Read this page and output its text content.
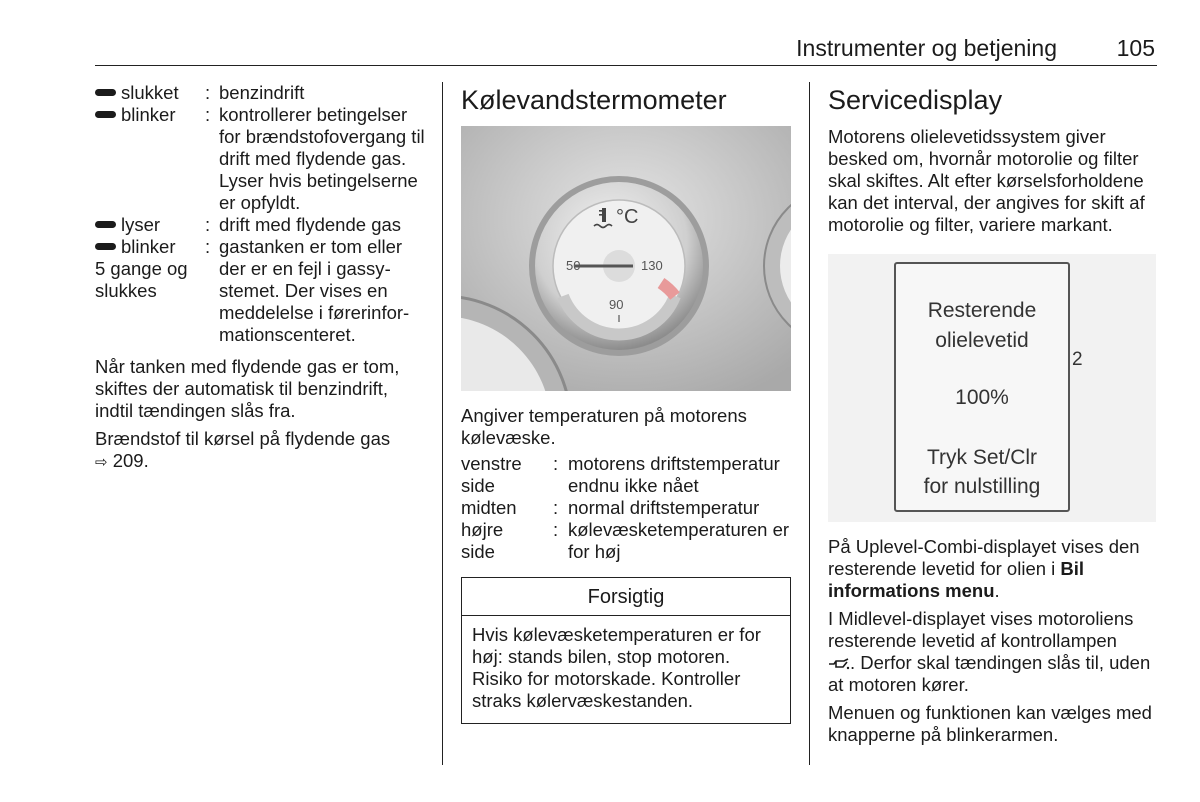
Instrumenter og betjening	105
slukket : benzindrift
blinker : kontrollerer betingelser for brændstofovergang til drift med flydende gas. Lyser hvis betingelserne er opfyldt.
lyser : drift med flydende gas
blinker
5 gange og slukkes
: gastanken er tom eller der er en fejl i gassystemet. Der vises en meddelelse i førerinformationscenteret.

Når tanken med flydende gas er tom, skiftes der automatisk til benzindrift, indtil tændingen slås fra.

Brændstof til kørsel på flydende gas
⇨ 209.

Kølevandstermometer
°C
50	130
90

Angiver temperaturen på motorens kølevæske.

venstre side
: motorens driftstemperatur endnu ikke nået
midten : normal driftstemperatur
højre side
: kølevæsketemperaturen er for høj
Forsigtig
Hvis kølevæsketemperaturen er for høj: stands bilen, stop motoren. Risiko for motorskade. Kontroller straks kølervæskestanden.
Servicedisplay

Motorens olielevetidssystem giver besked om, hvornår motorolie og filter skal skiftes. Alt efter kørselsforholdene kan det interval, der angives for skift af motorolie og filter, variere markant.

Resterende
olielevetid
100%
Tryk Set/Clr
for nulstilling
2

På Uplevel-Combi-displayet vises den resterende levetid for olien i Bil informations menu.

I Midlevel-displayet vises motoroliens resterende levetid af kontrollampen
. Derfor skal tændingen slås til, uden at motoren kører.

Menuen og funktionen kan vælges med knapperne på blinkerarmen.
